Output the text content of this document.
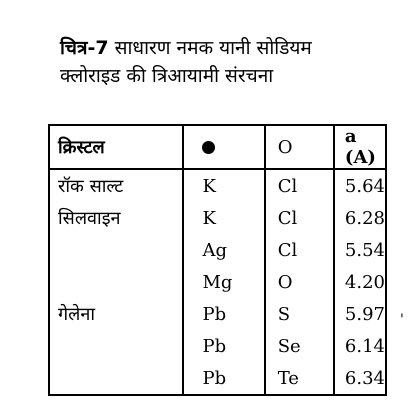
चित्र-7 साधारण नमक यानी सोडियम
क्लोराइड की त्रिआयामी संरचना
क्रिस्टल		O	a (A)
रॉक साल्ट	K	Cl	5.64
सिलवाइन	K	Cl	6.28
	Ag	Cl	5.54
	Mg	O	4.20
गेलेना	Pb	S	5.97
	Pb	Se	6.14
	Pb	Te	6.34
'
